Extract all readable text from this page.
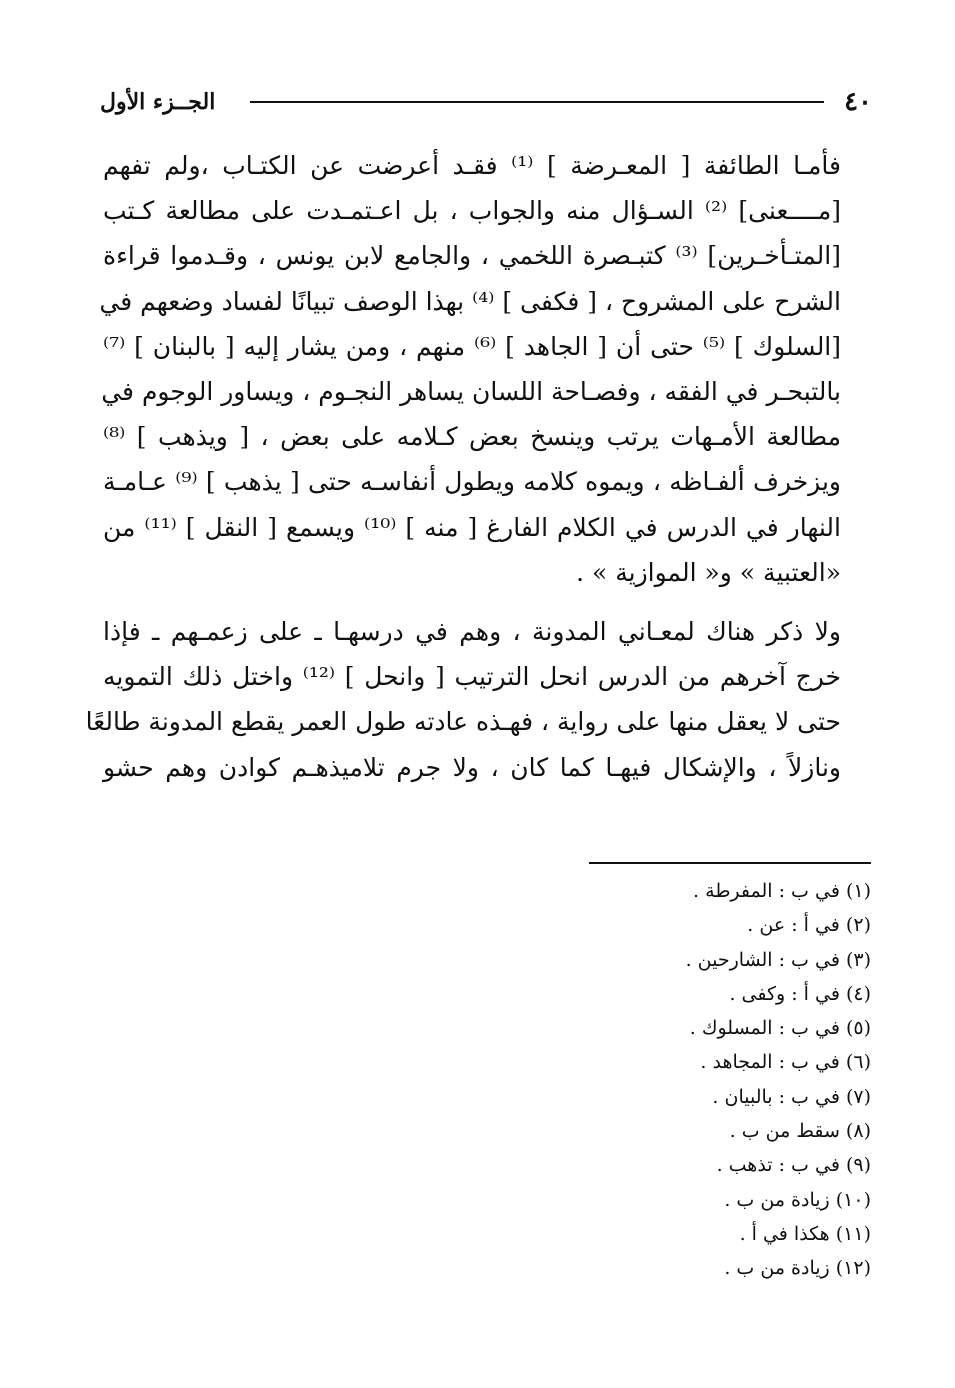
٤٠
الجــزء الأول

فأمـا الطائفة [ المعـرضة ] ⁽¹⁾ فقـد أعرضت عن الكتـاب ،ولم تفهم
[مــــعنى] ⁽²⁾ السـؤال منه والجواب ، بل اعـتمـدت على مطالعة كـتب
[المتـأخـرين] ⁽³⁾ كتبـصرة اللخمي ، والجامع لابن يونس ، وقـدموا قراءة
الشرح على المشروح ، [ فكفى ] ⁽⁴⁾ بهذا الوصف تبيانًا لفساد وضعهم في
[السلوك ] ⁽⁵⁾ حتى أن [ الجاهد ] ⁽⁶⁾ منهم ، ومن يشار إليه [ بالبنان ] ⁽⁷⁾
بالتبحـر في الفقه ، وفصـاحة اللسان يساهر النجـوم ، ويساور الوجوم في
مطالعة الأمـهات يرتب وينسخ بعض كـلامه على بعض ، [ ويذهب ] ⁽⁸⁾
ويزخرف ألفـاظه ، ويموه كلامه ويطول أنفاسـه حتى [ يذهب ] ⁽⁹⁾ عـامـة
النهار في الدرس في الكلام الفارغ [ منه ] ⁽¹⁰⁾ ويسمع [ النقل ] ⁽¹¹⁾ من
«العتبية » و« الموازية » .

ولا ذكر هناك لمعـاني المدونة ، وهم في درسهـا ـ على زعمـهم ـ فإذا
خرج آخرهم من الدرس انحل الترتيب [ وانحل ] ⁽¹²⁾ واختل ذلك التمويه
حتى لا يعقل منها على رواية ، فهـذه عادته طول العمر يقطع المدونة طالعًا
ونازلاً ، والإشكال فيهـا كما كان ، ولا جرم تلاميذهـم كوادن وهم حشو

(١) في ب : المفرطة .
(٢) في أ : عن .
(٣) في ب : الشارحين .
(٤) في أ : وكفى .
(٥) في ب : المسلوك .
(٦) في ب : المجاهد .
(٧) في ب : بالبيان .
(٨) سقط من ب .
(٩) في ب : تذهب .
(١٠) زيادة من ب .
(١١) هكذا في أ .
(١٢) زيادة من ب .
